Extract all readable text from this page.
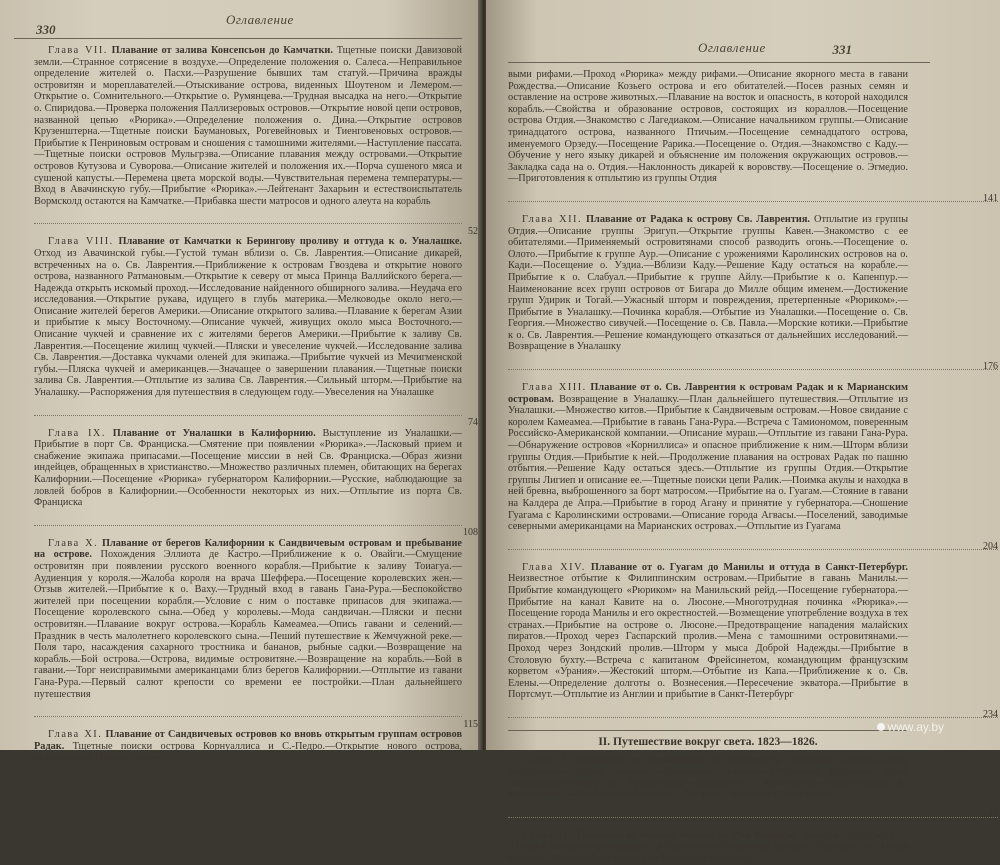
330
Оглавление

Глава VII. Плавание от залива Консепсьон до Камчатки. Тщетные поиски Давизовой земли.—Странное сотрясение в воздухе.—Определение положения о. Салеса.—Неправильное определение жителей о. Пасхи.—Разрушение бывших там статуй.—Причина вражды островитян и мореплавателей.—Отыскивание острова, виденных Шоутеном и Лемером.—Открытие о. Сомнительного.—Открытие о. Румянцева.—Трудная высадка на него.—Открытие о. Спиридова.—Проверка положения Паллизеровых островов.—Открытие новой цепи островов, названной цепью «Рюрика».—Определение положения о. Дина.—Открытие островов Крузенштерна.—Тщетные поиски Баумановых, Рогевейновых и Тиенговеновых островов.—Прибытие к Пенриновым островам и сношения с тамошними жителями.—Наступление пассата.—Тщетные поиски островов Мульгрэва.—Описание плавания между островами.—Открытие островов Кутузова и Суворова.—Описание жителей и положения их.—Порча сушеного мяса и сушеной капусты.—Перемена цвета морской воды.—Чувствительная перемена температуры.—Вход в Авачинскую губу.—Прибытие «Рюрика».—Лейтенант Захарьин и естествоиспытатель Вормсколд остаются на Камчатке.—Прибавка шести матросов и одного алеута на корабль

52

Глава VIII. Плавание от Камчатки к Берингову проливу и оттуда к о. Уналашке. Отход из Авачинской губы.—Густой туман вблизи о. Св. Лаврентия.—Описание дикарей, встреченных на о. Св. Лаврентия.—Приближение к островам Гвоздева и открытие нового острова, названного Ратмановым.—Открытие к северу от мыса Принца Валлийского берега.—Надежда открыть искомый проход.—Исследование найденного обширного залива.—Неудача его исследования.—Открытие рукава, идущего в глубь материка.—Мелководье около него.—Описание жителей берегов Америки.—Описание открытого залива.—Плавание к берегам Азии и прибытие к мысу Восточному.—Описание чукчей, живущих около мыса Восточного.—Описание чукчей и сравнение их с жителями берегов Америки.—Прибытие к заливу Св. Лаврентия.—Посещение жилищ чукчей.—Пляски и увеселение чукчей.—Исследование залива Св. Лаврентия.—Доставка чукчами оленей для экипажа.—Прибытие чукчей из Мечигменской губы.—Пляска чукчей и американцев.—Значащее о завершении плавания.—Тщетные поиски залива Св. Лаврентия.—Отплытие из залива Св. Лаврентия.—Сильный шторм.—Прибытие на Уналашку.—Распоряжения для путешествия в следующем году.—Увеселения на Уналашке

74

Глава IX. Плавание от Уналашки в Калифорнию. Выступление из Уналашки.—Прибытие в порт Св. Франциска.—Смятение при появлении «Рюрика».—Ласковый прием и снабжение экипажа припасами.—Посещение миссии в ней Св. Франциска.—Образ жизни индейцев, обращенных в христианство.—Множество различных племен, обитающих на берегах Калифорнии.—Посещение «Рюрика» губернатором Калифорнии.—Русские, наблюдающие за ловлей бобров в Калифорнии.—Особенности некоторых из них.—Отплытие из порта Св. Франциска

108

Глава X. Плавание от берегов Калифорнии к Сандвичевым островам и пребывание на острове. Похождения Эллиота де Кастро.—Приближение к о. Овайги.—Смущение островитян при появлении русского военного корабля.—Прибытие к заливу Тоиагуа.—Аудиенция у короля.—Жалоба короля на врача Шеффера.—Посещение королевских жен.—Отзыв жителей.—Прибытие к о. Ваху.—Трудный вход в гавань Гана-Рура.—Беспокойство жителей при посещении корабля.—Условие с ним о поставке припасов для экипажа.—Посещение королевского сына.—Обед у королевы.—Мода сандвичан.—Пляски и песни островитян.—Плавание вокруг острова.—Корабль Камеамеа.—Опись гавани и селений.—Праздник в честь малолетнего королевского сына.—Пеший путешествие к Жемчужной реке.—Поля таро, насаждения сахарного тростника и бананов, рыбные садки.—Возвращение на корабль.—Бой острова.—Острова, видимые островитяне.—Возвращение на корабль.—Бой в гавани.—Торг неисправимыми американцами близ берегов Калифорнии.—Отплытие из гавани Гана-Рура.—Первый салют крепости со времени ее постройки.—План дальнейшего путешествия

115

Глава XI. Плавание от Сандвичевых островов ко вновь открытым группам островов Радак. Тщетные поиски острова Корнуаллиса и С.-Педро.—Открытие нового острова, названного о. Нового года.—

Оглавление	331

выми рифами.—Проход «Рюрика» между рифами.—Описание якорного места в гавани Рождества.—Описание Козьего острова и его обитателей.—Посев разных семян и оставление на острове животных.—Плавание на восток и опасность, в которой находился корабль.—Свойства и образование островов, состоящих из кораллов.—Посещение острова Отдия.—Знакомство с Лагедиаком.—Описание начальником группы.—Описание тринадцатого острова, названного Птичьим.—Посещение семнадцатого острова, именуемого Орзеду.—Посещение Рарика.—Посещение о. Отдия.—Знакомство с Каду.—Обучение у него языку дикарей и объяснение им положения окружающих островов.—Закладка сада на о. Отдия.—Наклонность дикарей к воровству.—Посещение о. Эгмедио.—Приготовления к отплытию из группы Отдия

141

Глава XII. Плавание от Радака к острову Св. Лаврентия. Отплытие из группы Отдия.—Описание группы Эригуп.—Открытие группы Кавен.—Знакомство с ее обитателями.—Применяемый островитянами способ разводить огонь.—Посещение о. Олото.—Прибытие к группе Аур.—Описание с урожениями Каролинских островов на о. Кади.—Посещение о. Уэдиа.—Вблизи Каду.—Решение Каду остаться на корабле.—Прибытие к о. Слабуал.—Прибытие к группе Айлу.—Прибытие к о. Капенпур.—Наименование всех групп островов от Бигара до Милле общим именем.—Достижение групп Удирик и Тогай.—Ужасный шторм и повреждения, претерпенные «Рюриком».—Прибытие в Уналашку.—Починка корабля.—Отбытие из Уналашки.—Посещение о. Св. Георгия.—Множество сивучей.—Посещение о. Св. Павла.—Морские котики.—Прибытие к о. Св. Лаврентия.—Решение командующего отказаться от дальнейших исследований.—Возвращение в Уналашку

176

Глава XIII. Плавание от о. Св. Лаврентия к островам Радак и к Марианским островам. Возвращение в Уналашку.—План дальнейшего путешествия.—Отплытие из Уналашки.—Множество китов.—Прибытие к Сандвичевым островам.—Новое свидание с королем Камеамеа.—Прибытие в гавань Гана-Рура.—Встреча с Тамиономом, поверенным Российско-Американской компании.—Описание мураш.—Отплытие из гавани Гана-Рура.—Обнаружение островов «Корниллиса» и опасное приближение к ним.—Шторм вблизи группы Отдия.—Прибытие к ней.—Продолжение плавания на островах Радак по пашню отбытия.—Решение Каду остаться здесь.—Отплытие из группы Отдия.—Открытие группы Лигиеп и описание ее.—Тщетные поиски цепи Ралик.—Поимка акулы и находка в ней бревна, выброшенного за борт матросом.—Прибытие на о. Гуагам.—Стояние в гавани на Калдера де Апра.—Прибытие в город Агану и принятие у губернатора.—Сношение Гуагама с Каролинскими островами.—Описание города Агвасы.—Поселений, заводимые северными американцами на Марианских островах.—Отплытие из Гуагама

204

Глава XIV. Плавание от о. Гуагам до Манилы и оттуда в Санкт-Петербург. Неизвестное отбытие к Филиппинским островам.—Прибытие в гавань Манилы.—Прибытие командующего «Рюриком» на Манильский рейд.—Посещение губернатора.—Прибытие на канал Кавите на о. Люсоне.—Многотрудная починка «Рюрика».—Посещение города Манилы и его окрестностей.—Возмещение употребление воздуха в тех странах.—Прибытие на острове о. Люсоне.—Предотвращение нападения малайских пиратов.—Проход через Гаспарский пролив.—Мена с тамошними островитянами.—Проход через Зондский пролив.—Шторм у мыса Доброй Надежды.—Прибытие в Столовую бухту.—Встреча с капитаном Фрейсинетом, командующим французским корветом «Урания».—Жестокий шторм.—Отбытие из Капа.—Приближение к о. Св. Елены.—Определение долготы о. Вознесения.—Пересечение экватора.—Прибытие в Портсмут.—Отплытие из Англии и прибытие в Санкт-Петербург

234
II. Путешествие вокруг света. 1823—1826.

Глава I. Плавание от Кронштадта до Портсмута. Постройка шлюпа.—Цель экспедиции.—Состав экипажа.—Назначение ученых.—Вторичная перемена целей экспедиции.—Выход из Кронштадта.—Прибытие в Копенгаген.—Буря.—Выход из Копенгагена.—Прибытие в Портсмут.—Встреча с фрегатом «Проворный»

247

Глава II. Плавание от берегов Англии до Рио-Жанейро. Выход из Портсмута.—Шторм в Канале.—Возвращение в Портсмут.—Вторичный выход из Портсмута.—Потери матроса.—Враждебная встреча на Канарских островах.

www.ay.by
